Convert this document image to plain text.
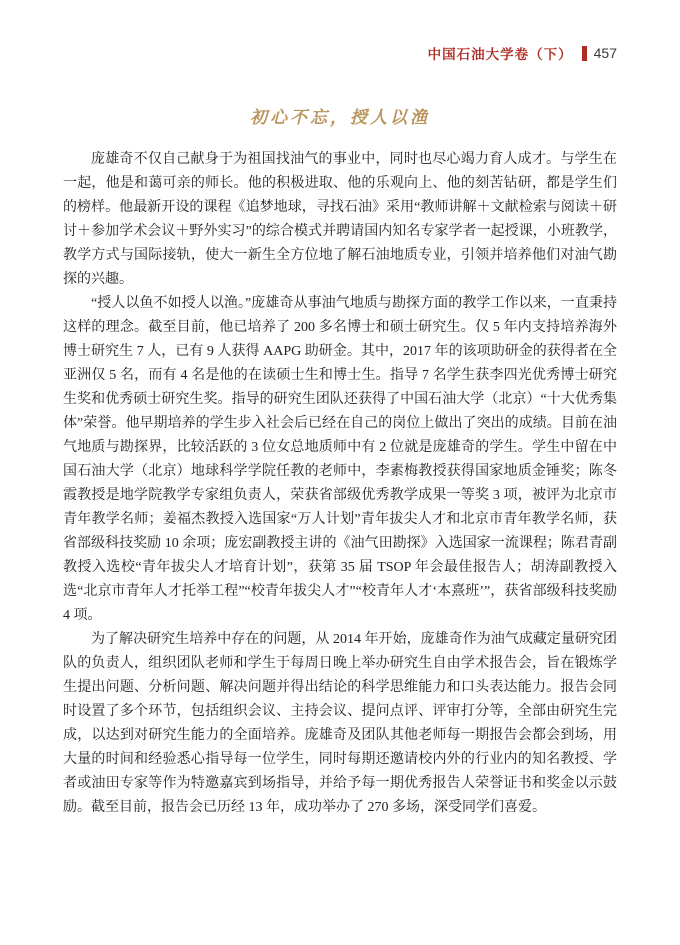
中国石油大学卷（下） 457
初心不忘，授人以渔

庞雄奇不仅自己献身于为祖国找油气的事业中，同时也尽心竭力育人成才。与学生在一起，他是和蔼可亲的师长。他的积极进取、他的乐观向上、他的刻苦钻研，都是学生们的榜样。他最新开设的课程《追梦地球，寻找石油》采用“教师讲解＋文献检索与阅读＋研讨＋参加学术会议＋野外实习”的综合模式并聘请国内知名专家学者一起授课，小班教学，教学方式与国际接轨，使大一新生全方位地了解石油地质专业，引领并培养他们对油气勘探的兴趣。

“授人以鱼不如授人以渔。”庞雄奇从事油气地质与勘探方面的教学工作以来，一直秉持这样的理念。截至目前，他已培养了 200 多名博士和硕士研究生。仅 5 年内支持培养海外博士研究生 7 人，已有 9 人获得 AAPG 助研金。其中，2017 年的该项助研金的获得者在全亚洲仅 5 名，而有 4 名是他的在读硕士生和博士生。指导 7 名学生获李四光优秀博士研究生奖和优秀硕士研究生奖。指导的研究生团队还获得了中国石油大学（北京）“十大优秀集体”荣誉。他早期培养的学生步入社会后已经在自己的岗位上做出了突出的成绩。目前在油气地质与勘探界，比较活跃的 3 位女总地质师中有 2 位就是庞雄奇的学生。学生中留在中国石油大学（北京）地球科学学院任教的老师中，李素梅教授获得国家地质金锤奖；陈冬霞教授是地学院教学专家组负责人，荣获省部级优秀教学成果一等奖 3 项，被评为北京市青年教学名师；姜福杰教授入选国家“万人计划”青年拔尖人才和北京市青年教学名师，获省部级科技奖励 10 余项；庞宏副教授主讲的《油气田勘探》入选国家一流课程；陈君青副教授入选校“青年拔尖人才培育计划”，获第 35 届 TSOP 年会最佳报告人；胡涛副教授入选“北京市青年人才托举工程”“校青年拔尖人才”“校青年人才‘本熹班’”，获省部级科技奖励 4 项。

为了解决研究生培养中存在的问题，从 2014 年开始，庞雄奇作为油气成藏定量研究团队的负责人，组织团队老师和学生于每周日晚上举办研究生自由学术报告会，旨在锻炼学生提出问题、分析问题、解决问题并得出结论的科学思维能力和口头表达能力。报告会同时设置了多个环节，包括组织会议、主持会议、提问点评、评审打分等，全部由研究生完成，以达到对研究生能力的全面培养。庞雄奇及团队其他老师每一期报告会都会到场，用大量的时间和经验悉心指导每一位学生，同时每期还邀请校内外的行业内的知名教授、学者或油田专家等作为特邀嘉宾到场指导，并给予每一期优秀报告人荣誉证书和奖金以示鼓励。截至目前，报告会已历经 13 年，成功举办了 270 多场，深受同学们喜爱。
